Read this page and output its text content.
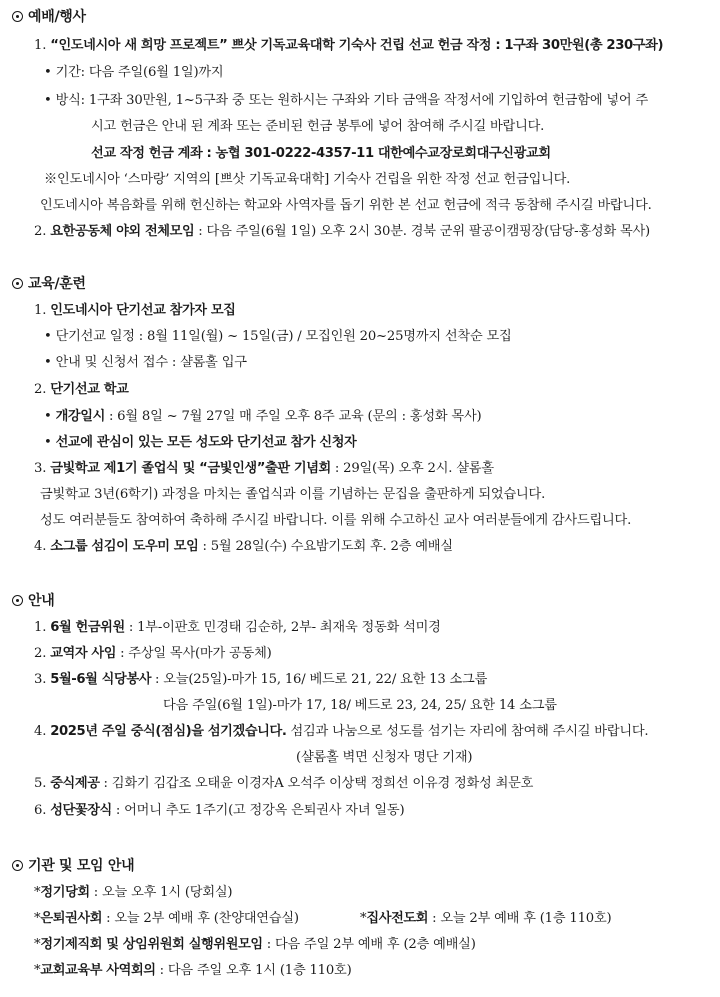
예배/행사
1. “인도네시아 새 희망 프로젝트” 쁘삿 기독교육대학 기숙사 건립 선교 헌금 작정 : 1구좌 30만원(총 230구좌)
• 기간: 다음 주일(6월 1일)까지
• 방식: 1구좌 30만원, 1~5구좌 중 또는 원하시는 구좌와 기타 금액을 작정서에 기입하여 헌금함에 넣어 주
시고 헌금은 안내 된 계좌 또는 준비된 헌금 봉투에 넣어 참여해 주시길 바랍니다.
선교 작정 헌금 계좌 : 농협 301-0222-4357-11 대한예수교장로회대구신광교회
※인도네시아 ‘스마랑’ 지역의 [쁘삿 기독교육대학] 기숙사 건립을 위한 작정 선교 헌금입니다.
인도네시아 복음화를 위해 헌신하는 학교와 사역자를 돕기 위한 본 선교 헌금에 적극 동참해 주시길 바랍니다.
2. 요한공동체 야외 전체모임 : 다음 주일(6월 1일) 오후 2시 30분. 경북 군위 팔공이캠핑장(담당-홍성화 목사)
교육/훈련
1. 인도네시아 단기선교 참가자 모집
• 단기선교 일정 : 8월 11일(월) ~ 15일(금) / 모집인원 20~25명까지 선착순 모집
• 안내 및 신청서 접수 : 샬롬홀 입구
2. 단기선교 학교
• 개강일시 : 6월 8일 ~ 7월 27일 매 주일 오후 8주 교육 (문의 : 홍성화 목사)
• 선교에 관심이 있는 모든 성도와 단기선교 참가 신청자
3. 금빛학교 제1기 졸업식 및 “금빛인생”출판 기념회 : 29일(목) 오후 2시. 샬롬홀
금빛학교 3년(6학기) 과정을 마치는 졸업식과 이를 기념하는 문집을 출판하게 되었습니다.
성도 여러분들도 참여하여 축하해 주시길 바랍니다. 이를 위해 수고하신 교사 여러분들에게 감사드립니다.
4. 소그룹 섬김이 도우미 모임 : 5월 28일(수) 수요밤기도회 후. 2층 예배실
안내
1. 6월 헌금위원 : 1부-이판호 민경태 김순하, 2부- 최재욱 정동화 석미경
2. 교역자 사임 : 주상일 목사(마가 공동체)
3. 5월-6월 식당봉사 : 오늘(25일)-마가 15, 16/ 베드로 21, 22/ 요한 13 소그룹
다음 주일(6월 1일)-마가 17, 18/ 베드로 23, 24, 25/ 요한 14 소그룹
4. 2025년 주일 중식(점심)을 섬기겠습니다. 섬김과 나눔으로 성도를 섬기는 자리에 참여해 주시길 바랍니다.
(샬롬홀 벽면 신청자 명단 기재)
5. 중식제공 : 김화기 김갑조 오태윤 이경자A 오석주 이상택 정희선 이유경 정화성 최문호
6. 성단꽃장식 : 어머니 추도 1주기(고 정강옥 은퇴권사 자녀 일동)
기관 및 모임 안내
*정기당회 : 오늘 오후 1시 (당회실)
*은퇴권사회 : 오늘 2부 예배 후 (찬양대연습실)	*집사전도회 : 오늘 2부 예배 후 (1층 110호)
*정기제직회 및 상임위원회 실행위원모임 : 다음 주일 2부 예배 후 (2층 예배실)
*교회교육부 사역회의 : 다음 주일 오후 1시 (1층 110호)
